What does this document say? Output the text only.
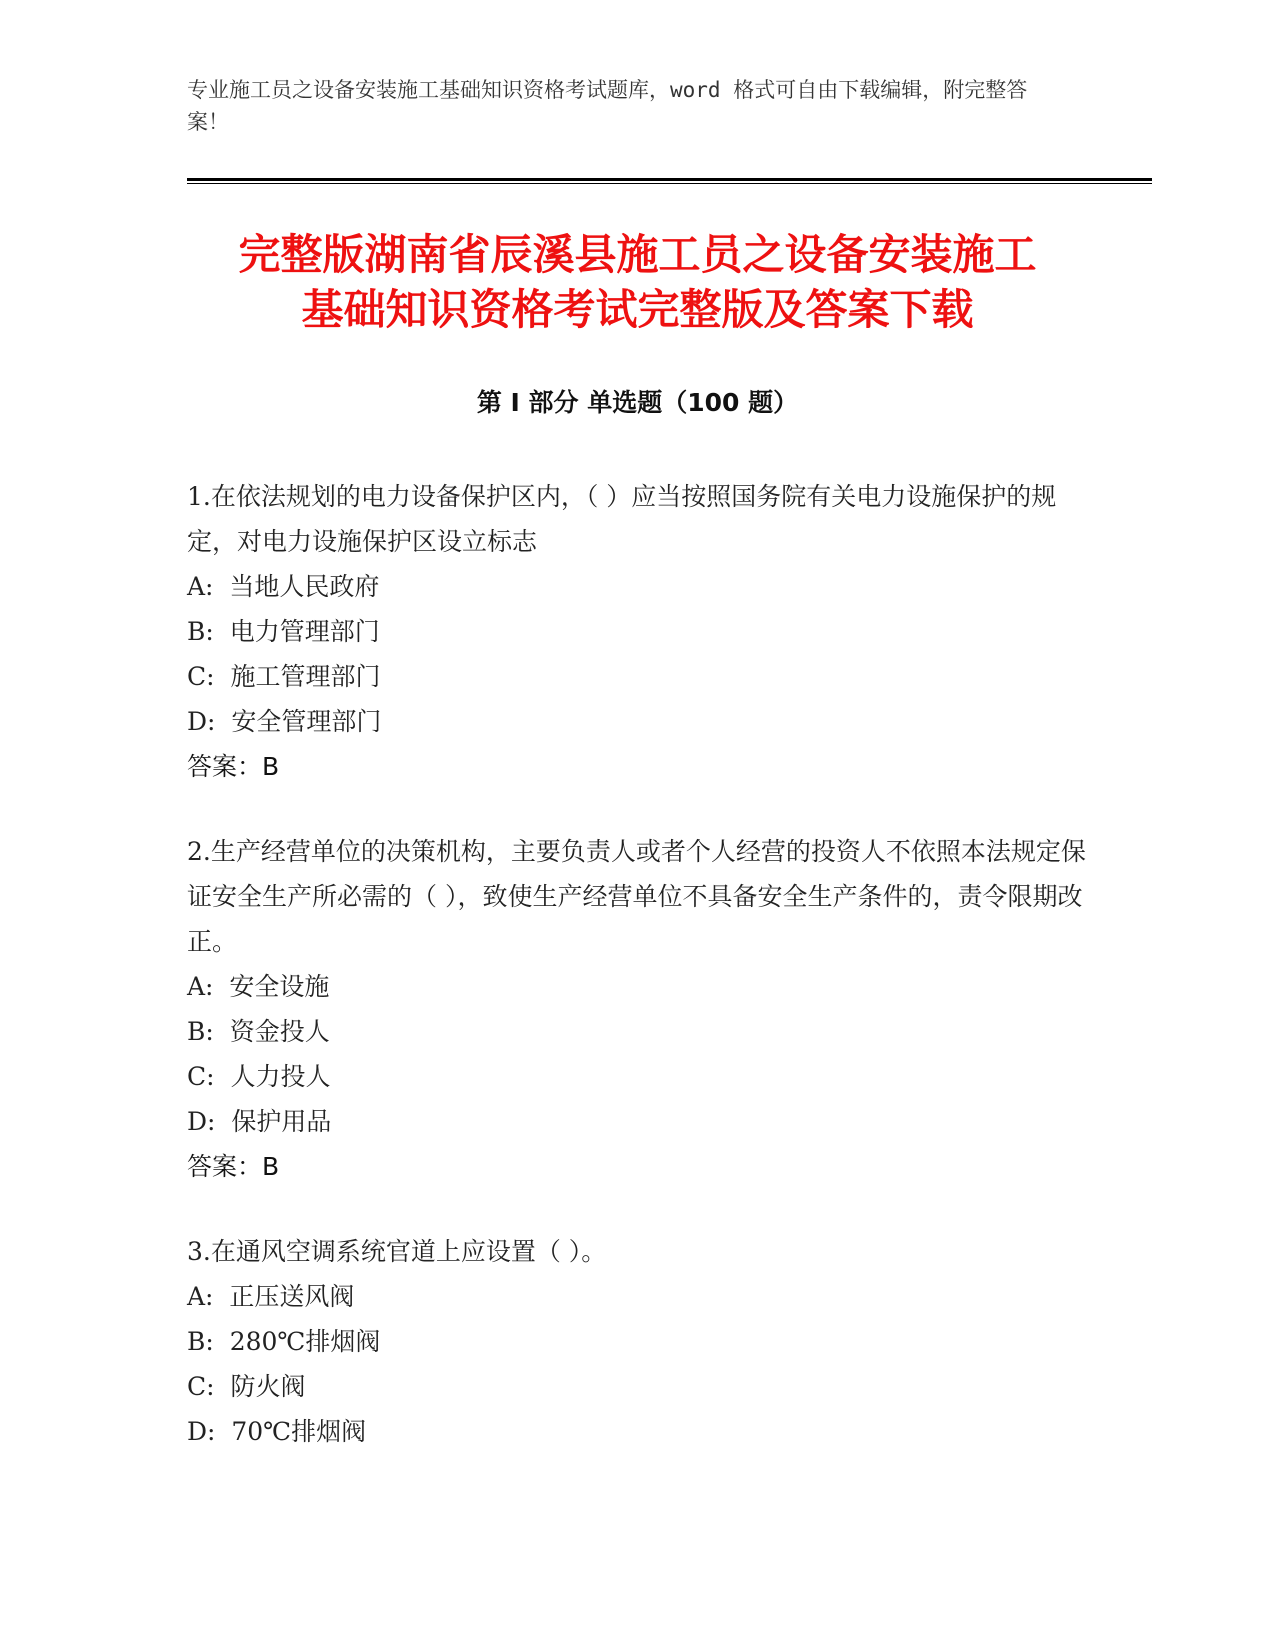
专业施工员之设备安装施工基础知识资格考试题库，word 格式可自由下载编辑，附完整答案！
完整版湖南省辰溪县施工员之设备安装施工
基础知识资格考试完整版及答案下载
第 I 部分 单选题（100 题）

1.在依法规划的电力设备保护区内，（ ）应当按照国务院有关电力设施保护的规定，对电力设施保护区设立标志

A:  当地人民政府
B:  电力管理部门
C:  施工管理部门
D:  安全管理部门
答案：B

2.生产经营单位的决策机构，主要负责人或者个人经营的投资人不依照本法规定保证安全生产所必需的（ ），致使生产经营单位不具备安全生产条件的，责令限期改正。

A:  安全设施
B:  资金投人
C:  人力投人
D:  保护用品
答案：B

3.在通风空调系统官道上应设置（ ）。

A:  正压送风阀
B:  280℃排烟阀
C:  防火阀
D:  70℃排烟阀
